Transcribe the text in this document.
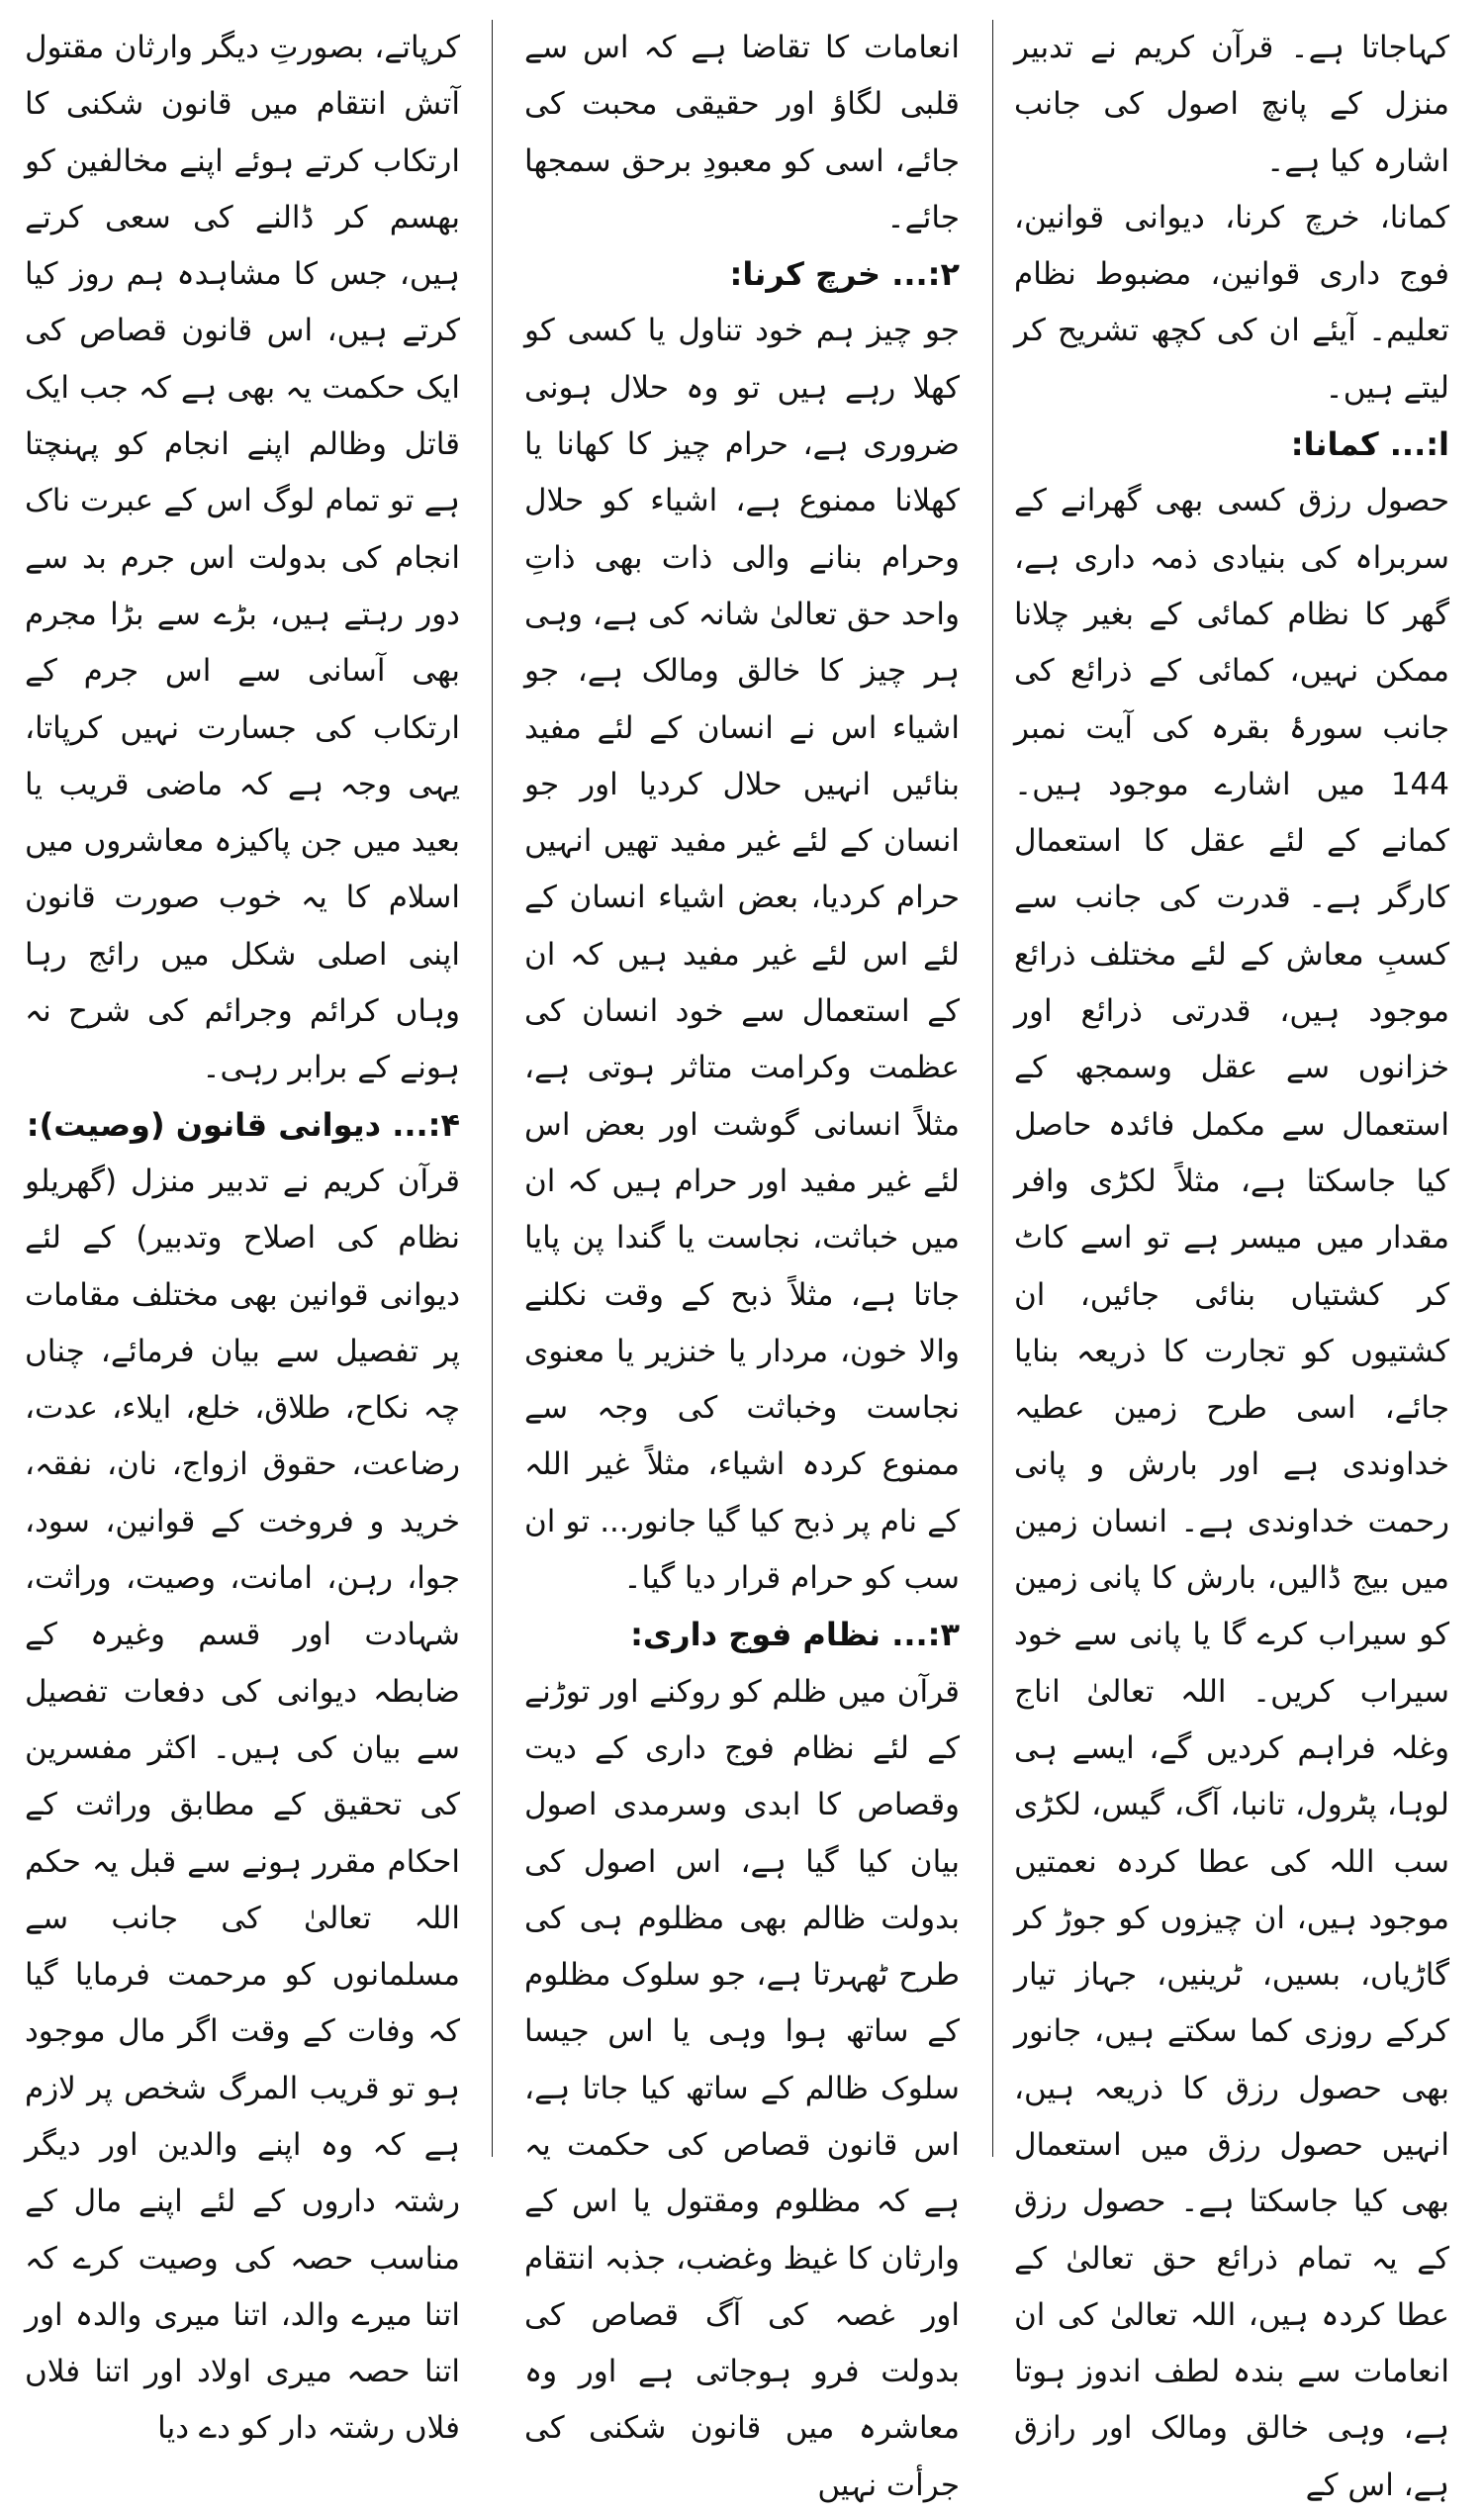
کہاجاتا ہے۔ قرآن کریم نے تدبیر منزل کے پانچ اصول کی جانب اشارہ کیا ہے۔

کمانا، خرچ کرنا، دیوانی قوانین، فوج داری قوانین، مضبوط نظام تعلیم۔ آیئے ان کی کچھ تشریح کر لیتے ہیں۔

ا:... کمانا:

حصول رزق کسی بھی گھرانے کے سربراہ کی بنیادی ذمہ داری ہے، گھر کا نظام کمائی کے بغیر چلانا ممکن نہیں، کمائی کے ذرائع کی جانب سورۂ بقرہ کی آیت نمبر 144 میں اشارے موجود ہیں۔ کمانے کے لئے عقل کا استعمال کارگر ہے۔ قدرت کی جانب سے کسبِ معاش کے لئے مختلف ذرائع موجود ہیں، قدرتی ذرائع اور خزانوں سے عقل وسمجھ کے استعمال سے مکمل فائدہ حاصل کیا جاسکتا ہے، مثلاً لکڑی وافر مقدار میں میسر ہے تو اسے کاٹ کر کشتیاں بنائی جائیں، ان کشتیوں کو تجارت کا ذریعہ بنایا جائے، اسی طرح زمین عطیہ خداوندی ہے اور بارش و پانی رحمت خداوندی ہے۔ انسان زمین میں بیج ڈالیں، بارش کا پانی زمین کو سیراب کرے گا یا پانی سے خود سیراب کریں۔ اللہ تعالیٰ اناج وغلہ فراہم کردیں گے، ایسے ہی لوہا، پٹرول، تانبا، آگ، گیس، لکڑی سب اللہ کی عطا کردہ نعمتیں موجود ہیں، ان چیزوں کو جوڑ کر گاڑیاں، بسیں، ٹرینیں، جہاز تیار کرکے روزی کما سکتے ہیں، جانور بھی حصول رزق کا ذریعہ ہیں، انہیں حصول رزق میں استعمال بھی کیا جاسکتا ہے۔ حصول رزق کے یہ تمام ذرائع حق تعالیٰ کے عطا کردہ ہیں، اللہ تعالیٰ کی ان انعامات سے بندہ لطف اندوز ہوتا ہے، وہی خالق ومالک اور رازق ہے، اس کے

انعامات کا تقاضا ہے کہ اس سے قلبی لگاؤ اور حقیقی محبت کی جائے، اسی کو معبودِ برحق سمجھا جائے۔

۲:... خرچ کرنا:

جو چیز ہم خود تناول یا کسی کو کھلا رہے ہیں تو وہ حلال ہونی ضروری ہے، حرام چیز کا کھانا یا کھلانا ممنوع ہے، اشیاء کو حلال وحرام بنانے والی ذات بھی ذاتِ واحد حق تعالیٰ شانہ کی ہے، وہی ہر چیز کا خالق ومالک ہے، جو اشیاء اس نے انسان کے لئے مفید بنائیں انہیں حلال کردیا اور جو انسان کے لئے غیر مفید تھیں انہیں حرام کردیا، بعض اشیاء انسان کے لئے اس لئے غیر مفید ہیں کہ ان کے استعمال سے خود انسان کی عظمت وکرامت متاثر ہوتی ہے، مثلاً انسانی گوشت اور بعض اس لئے غیر مفید اور حرام ہیں کہ ان میں خباثت، نجاست یا گندا پن پایا جاتا ہے، مثلاً ذبح کے وقت نکلنے والا خون، مردار یا خنزیر یا معنوی نجاست وخباثت کی وجہ سے ممنوع کردہ اشیاء، مثلاً غیر اللہ کے نام پر ذبح کیا گیا جانور... تو ان سب کو حرام قرار دیا گیا۔

۳:... نظام فوج داری:

قرآن میں ظلم کو روکنے اور توڑنے کے لئے نظام فوج داری کے دیت وقصاص کا ابدی وسرمدی اصول بیان کیا گیا ہے، اس اصول کی بدولت ظالم بھی مظلوم ہی کی طرح ٹھہرتا ہے، جو سلوک مظلوم کے ساتھ ہوا وہی یا اس جیسا سلوک ظالم کے ساتھ کیا جاتا ہے، اس قانون قصاص کی حکمت یہ ہے کہ مظلوم ومقتول یا اس کے وارثان کا غیظ وغضب، جذبہ انتقام اور غصہ کی آگ قصاص کی بدولت فرو ہوجاتی ہے اور وہ معاشرہ میں قانون شکنی کی جرأت نہیں

کرپاتے، بصورتِ دیگر وارثان مقتول آتش انتقام میں قانون شکنی کا ارتکاب کرتے ہوئے اپنے مخالفین کو بھسم کر ڈالنے کی سعی کرتے ہیں، جس کا مشاہدہ ہم روز کیا کرتے ہیں، اس قانون قصاص کی ایک حکمت یہ بھی ہے کہ جب ایک قاتل وظالم اپنے انجام کو پہنچتا ہے تو تمام لوگ اس کے عبرت ناک انجام کی بدولت اس جرم بد سے دور رہتے ہیں، بڑے سے بڑا مجرم بھی آسانی سے اس جرم کے ارتکاب کی جسارت نہیں کرپاتا، یہی وجہ ہے کہ ماضی قریب یا بعید میں جن پاکیزہ معاشروں میں اسلام کا یہ خوب صورت قانون اپنی اصلی شکل میں رائج رہا وہاں کرائم وجرائم کی شرح نہ ہونے کے برابر رہی۔

۴:... دیوانی قانون (وصیت):

قرآن کریم نے تدبیر منزل (گھریلو نظام کی اصلاح وتدبیر) کے لئے دیوانی قوانین بھی مختلف مقامات پر تفصیل سے بیان فرمائے، چناں چہ نکاح، طلاق، خلع، ایلاء، عدت، رضاعت، حقوق ازواج، نان، نفقہ، خرید و فروخت کے قوانین، سود، جوا، رہن، امانت، وصیت، وراثت، شہادت اور قسم وغیرہ کے ضابطہ دیوانی کی دفعات تفصیل سے بیان کی ہیں۔ اکثر مفسرین کی تحقیق کے مطابق وراثت کے احکام مقرر ہونے سے قبل یہ حکم اللہ تعالیٰ کی جانب سے مسلمانوں کو مرحمت فرمایا گیا کہ وفات کے وقت اگر مال موجود ہو تو قریب المرگ شخص پر لازم ہے کہ وہ اپنے والدین اور دیگر رشتہ داروں کے لئے اپنے مال کے مناسب حصہ کی وصیت کرے کہ اتنا میرے والد، اتنا میری والدہ اور اتنا حصہ میری اولاد اور اتنا فلاں فلاں رشتہ دار کو دے دیا
